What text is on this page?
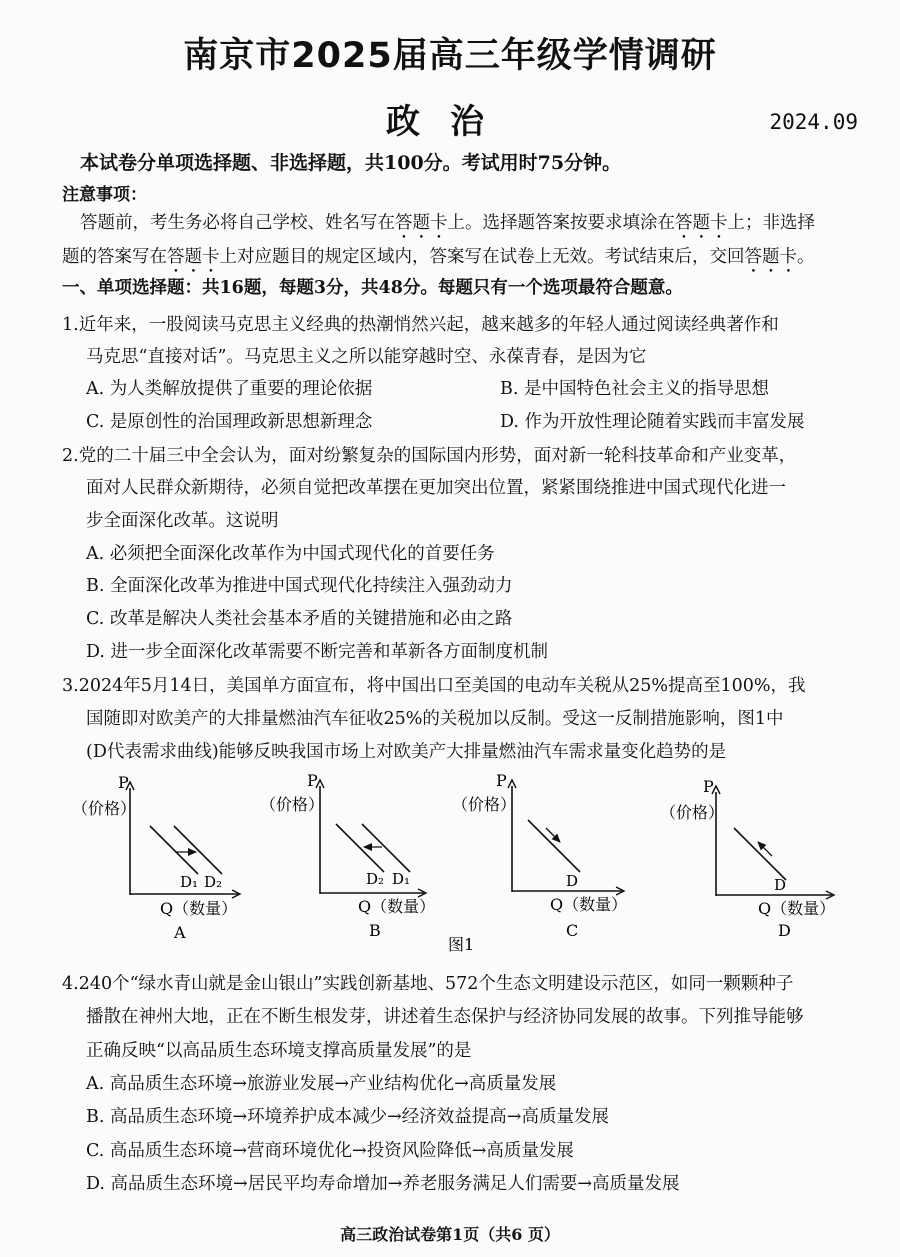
南京市2025届高三年级学情调研
政治	2024.09
本试卷分单项选择题、非选择题，共100分。考试用时75分钟。
注意事项：
答题前，考生务必将自己学校、姓名写在答题卡上。选择题答案按要求填涂在答题卡上；非选择
题的答案写在答题卡上对应题目的规定区域内，答案写在试卷上无效。考试结束后，交回答题卡。
一、单项选择题：共16题，每题3分，共48分。每题只有一个选项最符合题意。
1.近年来，一股阅读马克思主义经典的热潮悄然兴起，越来越多的年轻人通过阅读经典著作和
马克思“直接对话”。马克思主义之所以能穿越时空、永葆青春，是因为它
A. 为人类解放提供了重要的理论依据	B. 是中国特色社会主义的指导思想
C. 是原创性的治国理政新思想新理念	D. 作为开放性理论随着实践而丰富发展
2.党的二十届三中全会认为，面对纷繁复杂的国际国内形势，面对新一轮科技革命和产业变革，
面对人民群众新期待，必须自觉把改革摆在更加突出位置，紧紧围绕推进中国式现代化进一
步全面深化改革。这说明
A. 必须把全面深化改革作为中国式现代化的首要任务
B. 全面深化改革为推进中国式现代化持续注入强劲动力
C. 改革是解决人类社会基本矛盾的关键措施和必由之路
D. 进一步全面深化改革需要不断完善和革新各方面制度机制
3.2024年5月14日，美国单方面宣布，将中国出口至美国的电动车关税从25%提高至100%，我
国随即对欧美产的大排量燃油汽车征收25%的关税加以反制。受这一反制措施影响，图1中
(D代表需求曲线)能够反映我国市场上对欧美产大排量燃油汽车需求量变化趋势的是
P
（价格）
D₁ D₂
Q（数量）
A
P
（价格）
D₂ D₁
Q（数量）
B
P
（价格）
D
Q（数量）
C
P
（价格）
D
Q（数量）
D
图1
4.240个“绿水青山就是金山银山”实践创新基地、572个生态文明建设示范区，如同一颗颗种子
播散在神州大地，正在不断生根发芽，讲述着生态保护与经济协同发展的故事。下列推导能够
正确反映“以高品质生态环境支撑高质量发展”的是
A. 高品质生态环境→旅游业发展→产业结构优化→高质量发展
B. 高品质生态环境→环境养护成本减少→经济效益提高→高质量发展
C. 高品质生态环境→营商环境优化→投资风险降低→高质量发展
D. 高品质生态环境→居民平均寿命增加→养老服务满足人们需要→高质量发展
高三政治试卷第1页（共6 页）
